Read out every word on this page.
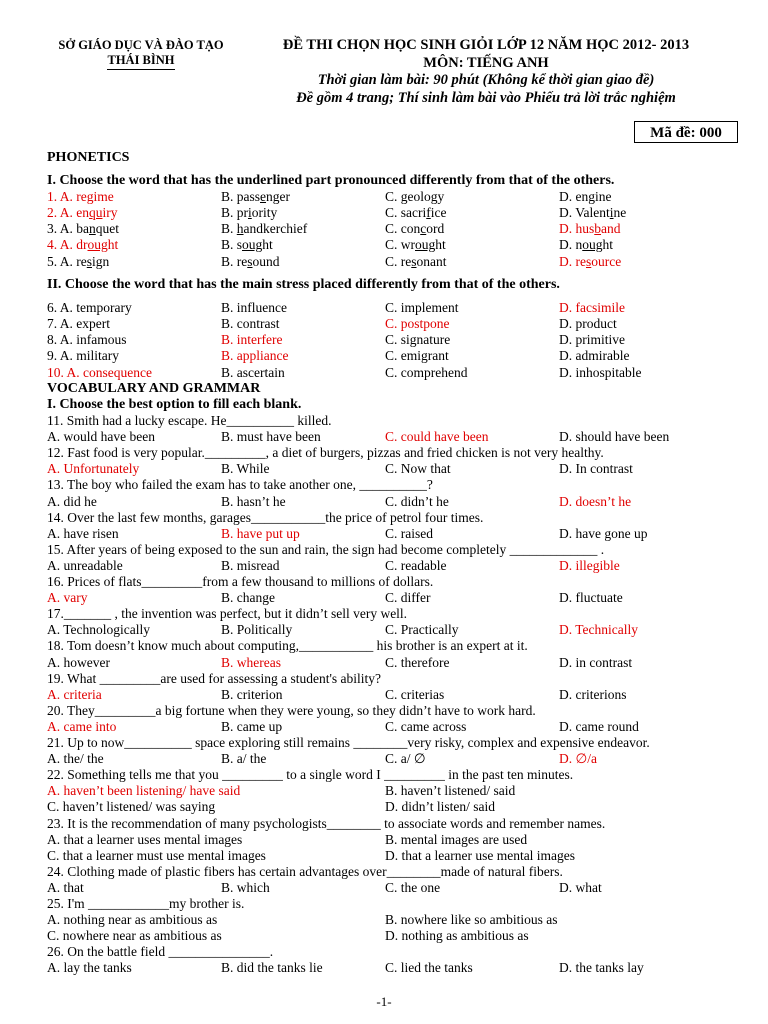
SỞ GIÁO DỤC VÀ ĐÀO TẠO
THÁI BÌNH
ĐỀ THI CHỌN HỌC SINH GIỎI LỚP 12 NĂM HỌC 2012- 2013
MÔN: TIẾNG ANH
Thời gian làm bài: 90 phút (Không kể thời gian giao đề)
Đề gồm 4 trang; Thí sinh làm bài vào Phiếu trả lời trắc nghiệm
Mã đề: 000
PHONETICS
I. Choose the word that has the underlined part pronounced differently from that of the others.
II. Choose the word that has the main stress placed differently from that of the others.
VOCABULARY AND GRAMMAR
I. Choose the best option to fill each blank.
1. A. regime	B. passenger	C. geology	D. engine
2. A. enquiry	B. priority	C. sacrifice	D. Valentine
3. A. banquet	B. handkerchief	C. concord	D. husband
4. A. drought	B. sought	C. wrought	D. nought
5. A. resign	B. resound	C. resonant	D. resource
6. A. temporary	B. influence	C. implement	D. facsimile
7. A. expert	B. contrast	C. postpone	D. product
8. A. infamous	B. interfere	C. signature	D. primitive
9. A. military	B. appliance	C. emigrant	D. admirable
10. A. consequence	B. ascertain	C. comprehend	D. inhospitable
11. Smith had a lucky escape. He__________ killed.
A. would have been	B. must have been	C. could have been	D. should have been
12. Fast food is very popular._________, a diet of burgers, pizzas and fried chicken is not very healthy.
A. Unfortunately	B. While	C. Now that	D. In contrast
13. The boy who failed the exam has to take another one, __________?
A. did he	B. hasn’t he	C. didn’t he	D. doesn’t he
14. Over the last few months, garages___________the price of petrol four times.
A. have risen	B. have put up	C. raised	D. have gone up
15. After years of being exposed to the sun and rain, the sign had become completely _____________ .
A. unreadable	B. misread	C. readable	D. illegible
16. Prices of flats_________from a few thousand to millions of dollars.
A. vary	B. change	C. differ	D. fluctuate
17._______ , the invention was perfect, but it didn’t sell very well.
A. Technologically	B. Politically	C. Practically	D. Technically
18. Tom doesn’t know much about computing,___________ his brother is an expert at it.
A. however	B. whereas	C. therefore	D. in contrast
19. What _________are used for assessing a student's ability?
A. criteria	B. criterion	C. criterias	D. criterions
20. They_________a big fortune when they were young, so they didn’t have to work hard.
A. came into	B. came up	C. came across	D. came round
21. Up to now__________ space exploring still remains ________very risky, complex and expensive endeavor.
A. the/ the	B. a/ the	C. a/ ∅	D. ∅/a
22. Something tells me that you _________ to a single word I _________ in the past ten minutes.
A. haven’t been listening/ have said	B. haven’t listened/ said
C. haven’t listened/ was saying	D. didn’t listen/ said
23. It is the recommendation of many psychologists________ to associate words and remember names.
A. that a learner uses mental images	B. mental images are used
C. that a learner must use mental images	D. that a learner use mental images
24. Clothing made of plastic fibers has certain advantages over________made of natural fibers.
A. that	B. which	C. the one	D. what
25. I'm ____________my brother is.
A. nothing near as ambitious as	B. nowhere like so ambitious as
C. nowhere near as ambitious as	D. nothing as ambitious as
26. On the battle field _______________.
A. lay the tanks	B. did the tanks lie	C. lied the tanks	D. the tanks lay
-1-
